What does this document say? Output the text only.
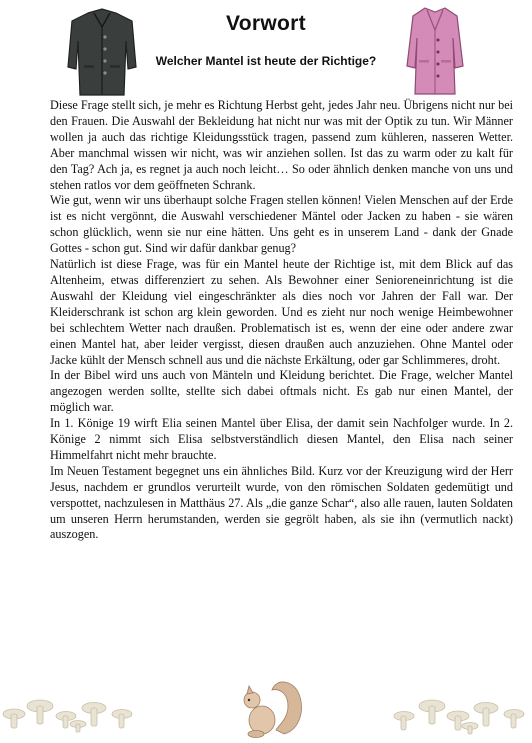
Vorwort
Welcher Mantel ist heute der Richtige?

Diese Frage stellt sich, je mehr es Richtung Herbst geht, jedes Jahr neu. Übrigens nicht nur bei den Frauen. Die Auswahl der Bekleidung hat nicht nur was mit der Optik zu tun. Wir Männer wollen ja auch das richtige Kleidungsstück tragen, passend zum kühleren, nasseren Wetter. Aber manchmal wissen wir nicht, was wir anziehen sollen. Ist das zu warm oder zu kalt für den Tag? Ach ja, es regnet ja auch noch leicht… So oder ähnlich denken manche von uns und stehen ratlos vor dem geöffneten Schrank.

Wie gut, wenn wir uns überhaupt solche Fragen stellen können! Vielen Menschen auf der Erde ist es nicht vergönnt, die Auswahl verschiedener Mäntel oder Jacken zu haben - sie wären schon glücklich, wenn sie nur eine hätten. Uns geht es in unserem Land - dank der Gnade Gottes - schon gut. Sind wir dafür dankbar genug?

Natürlich ist diese Frage, was für ein Mantel heute der Richtige ist, mit dem Blick auf das Altenheim, etwas differenziert zu sehen. Als Bewohner einer Senioreneinrichtung ist die Auswahl der Kleidung viel eingeschränkter als dies noch vor Jahren der Fall war. Der Kleiderschrank ist schon arg klein geworden. Und es zieht nur noch wenige Heimbewohner bei schlechtem Wetter nach draußen. Problematisch ist es, wenn der eine oder andere zwar einen Mantel hat, aber leider vergisst, diesen draußen auch anzuziehen. Ohne Mantel oder Jacke kühlt der Mensch schnell aus und die nächste Erkältung, oder gar Schlimmeres, droht.

In der Bibel wird uns auch von Mänteln und Kleidung berichtet. Die Frage, welcher Mantel angezogen werden sollte, stellte sich dabei oftmals nicht. Es gab nur einen Mantel, der möglich war.

In 1. Könige 19 wirft Elia seinen Mantel über Elisa, der damit sein Nachfolger wurde. In 2. Könige 2 nimmt sich Elisa selbstverständlich diesen Mantel, den Elisa nach seiner Himmelfahrt nicht mehr brauchte.

Im Neuen Testament begegnet uns ein ähnliches Bild. Kurz vor der Kreuzigung wird der Herr Jesus, nachdem er grundlos verurteilt wurde, von den römischen Soldaten gedemütigt und verspottet, nachzulesen in Matthäus 27. Als „die ganze Schar“, also alle rauen, lauten Soldaten um unseren Herrn herumstanden, werden sie gegrölt haben, als sie ihn (vermutlich nackt) auszogen.
